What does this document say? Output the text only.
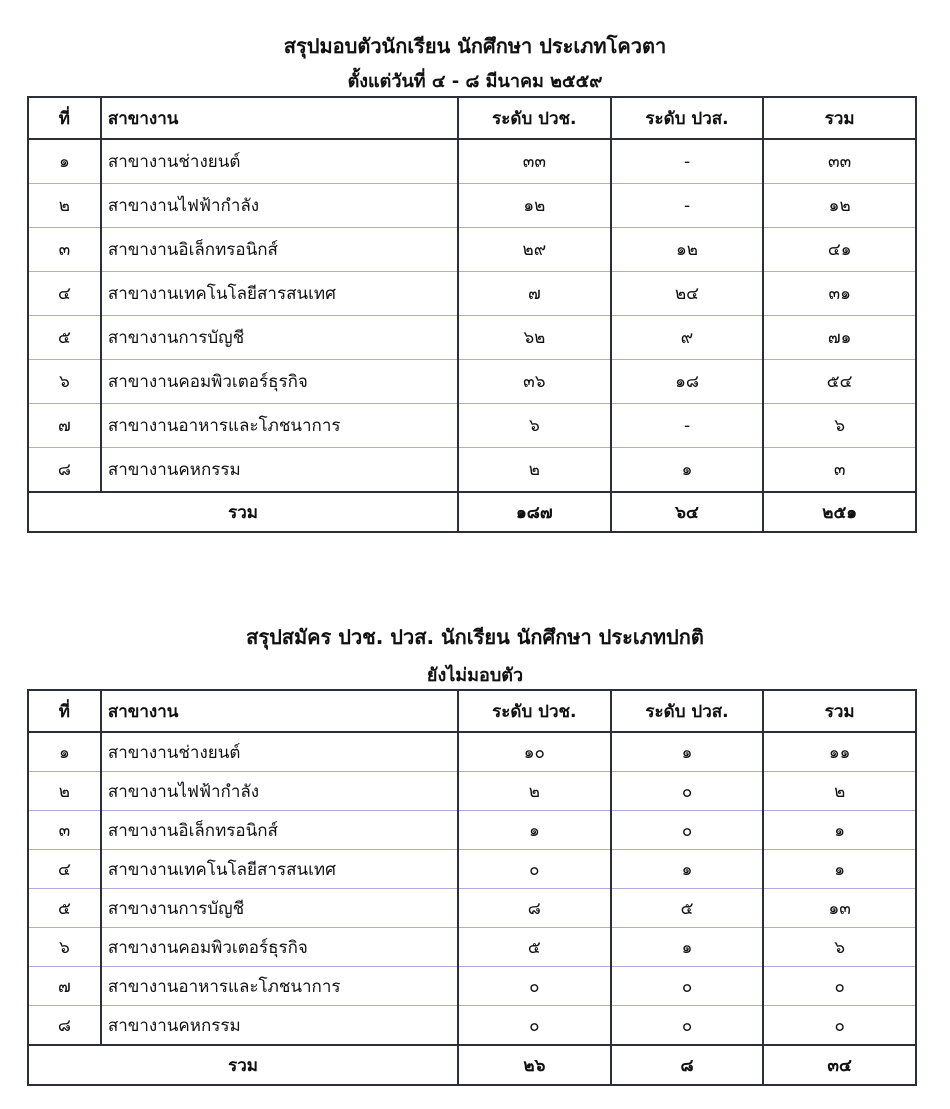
สรุปมอบตัวนักเรียน นักศึกษา ประเภทโควตา
ตั้งแต่วันที่ ๔ - ๘ มีนาคม ๒๕๕๙
ที่	สาขางาน	ระดับ ปวช.	ระดับ ปวส.	รวม
๑	สาขางานช่างยนต์	๓๓	-	๓๓
๒	สาขางานไฟฟ้ากำลัง	๑๒	-	๑๒
๓	สาขางานอิเล็กทรอนิกส์	๒๙	๑๒	๔๑
๔	สาขางานเทคโนโลยีสารสนเทศ	๗	๒๔	๓๑
๕	สาขางานการบัญชี	๖๒	๙	๗๑
๖	สาขางานคอมพิวเตอร์ธุรกิจ	๓๖	๑๘	๕๔
๗	สาขางานอาหารและโภชนาการ	๖	-	๖
๘	สาขางานคหกรรม	๒	๑	๓
รวม		๑๘๗	๖๔	๒๕๑
สรุปสมัคร ปวช. ปวส. นักเรียน นักศึกษา ประเภทปกติ
ยังไม่มอบตัว
ที่	สาขางาน	ระดับ ปวช.	ระดับ ปวส.	รวม
๑	สาขางานช่างยนต์	๑๐	๑	๑๑
๒	สาขางานไฟฟ้ากำลัง	๒	๐	๒
๓	สาขางานอิเล็กทรอนิกส์	๑	๐	๑
๔	สาขางานเทคโนโลยีสารสนเทศ	๐	๑	๑
๕	สาขางานการบัญชี	๘	๕	๑๓
๖	สาขางานคอมพิวเตอร์ธุรกิจ	๕	๑	๖
๗	สาขางานอาหารและโภชนาการ	๐	๐	๐
๘	สาขางานคหกรรม	๐	๐	๐
รวม		๒๖	๘	๓๔
